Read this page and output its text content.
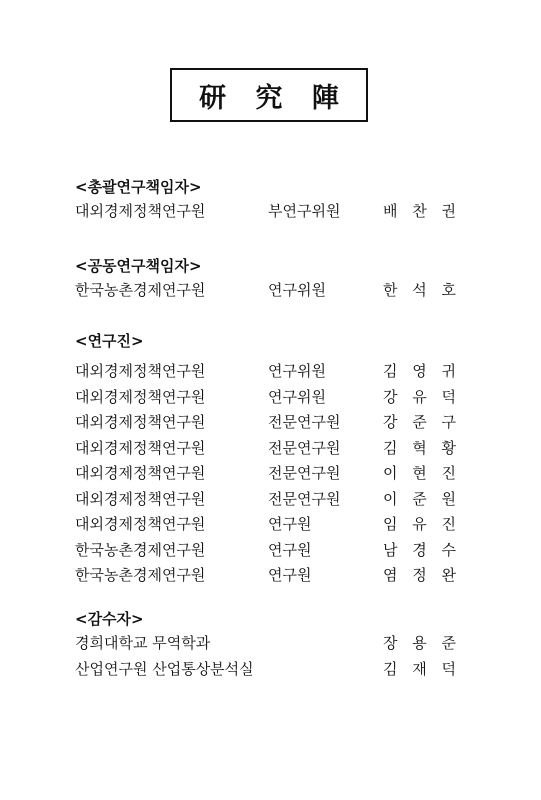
研 究 陣
<총괄연구책임자>
대외경제정책연구원	부연구위원	배 찬 권
<공동연구책임자>
한국농촌경제연구원	연구위원	한 석 호
<연구진>
대외경제정책연구원	연구위원	김 영 귀
대외경제정책연구원	연구위원	강 유 덕
대외경제정책연구원	전문연구원	강 준 구
대외경제정책연구원	전문연구원	김 혁 황
대외경제정책연구원	전문연구원	이 현 진
대외경제정책연구원	전문연구원	이 준 원
대외경제정책연구원	연구원	임 유 진
한국농촌경제연구원	연구원	남 경 수
한국농촌경제연구원	연구원	염 정 완
<감수자>
경희대학교 무역학과	장 용 준
산업연구원 산업통상분석실	김 재 덕
